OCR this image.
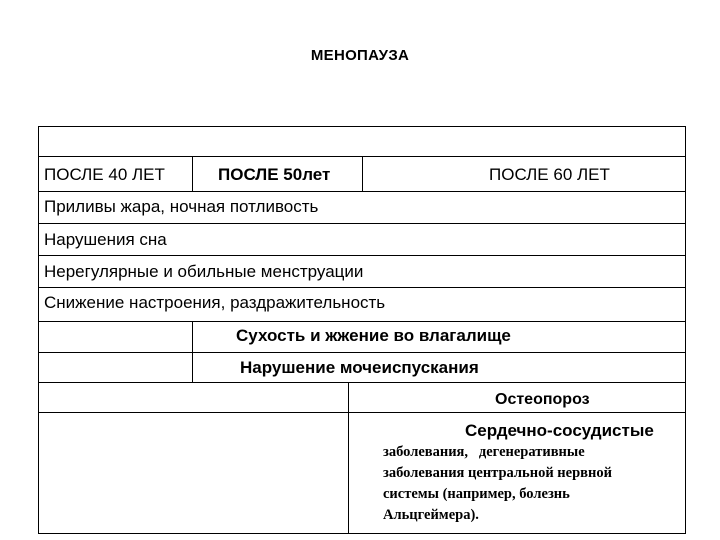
МЕНОПАУЗА
ПОСЛЕ 40 ЛЕТ	ПОСЛЕ 50лет	ПОСЛЕ 60 ЛЕТ
Приливы жара, ночная потливость
Нарушения сна
Нерегулярные и обильные менструации
Снижение настроения, раздражительность
Сухость и жжение во влагалище
Нарушение мочеиспускания
Остеопороз
Сердечно-сосудистые
заболевания,   дегенеративные
заболевания центральной нервной
системы (например, болезнь
Альцгеймера).
